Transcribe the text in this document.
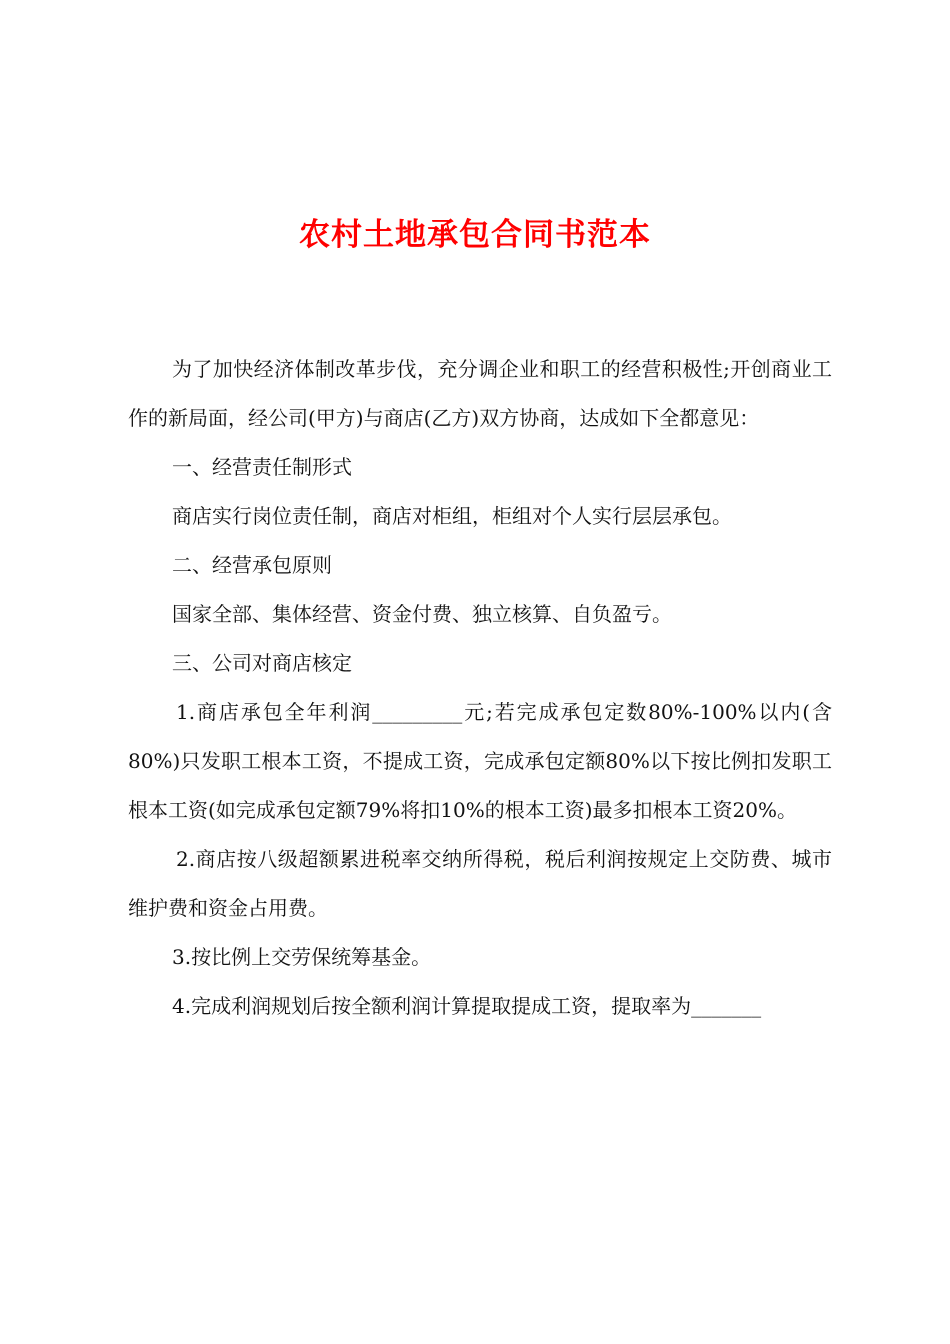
农村土地承包合同书范本

为了加快经济体制改革步伐，充分调企业和职工的经营积极性;开创商业工作的新局面，经公司(甲方)与商店(乙方)双方协商，达成如下全都意见：

一、经营责任制形式

商店实行岗位责任制，商店对柜组，柜组对个人实行层层承包。

二、经营承包原则

国家全部、集体经营、资金付费、独立核算、自负盈亏。

三、公司对商店核定

1.商店承包全年利润_________元;若完成承包定数80%-100%以内(含80%)只发职工根本工资，不提成工资，完成承包定额80%以下按比例扣发职工根本工资(如完成承包定额79%将扣10%的根本工资)最多扣根本工资20%。

2.商店按八级超额累进税率交纳所得税，税后利润按规定上交防费、城市维护费和资金占用费。

3.按比例上交劳保统筹基金。

4.完成利润规划后按全额利润计算提取提成工资，提取率为_______
